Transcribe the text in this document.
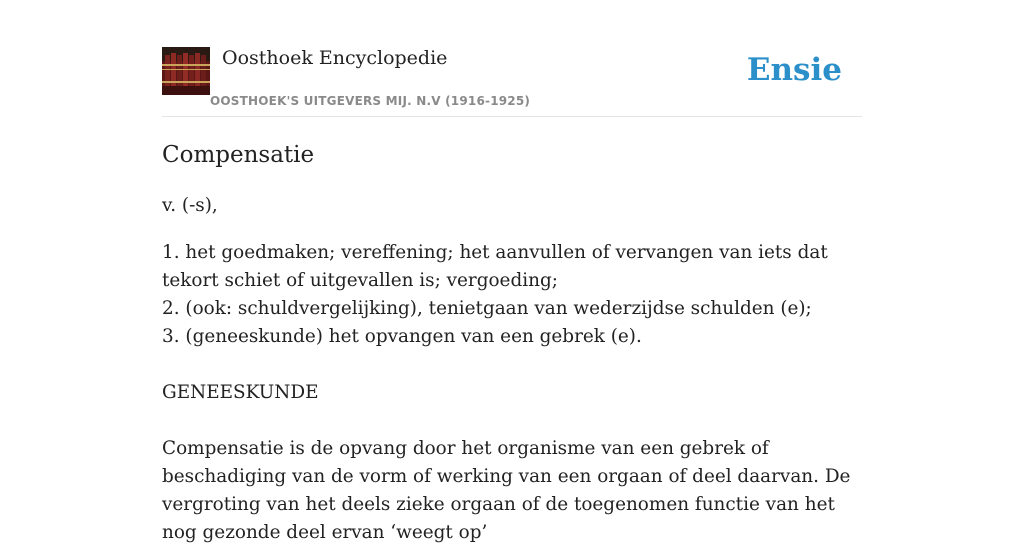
Oosthoek Encyclopedie
OOSTHOEK'S UITGEVERS MIJ. N.V (1916-1925)
Ensie
Compensatie

v. (-s),

1. het goedmaken; vereffening; het aanvullen of vervangen van iets dat tekort schiet of uitgevallen is; vergoeding;

2. (ook: schuldvergelijking), tenietgaan van wederzijdse schulden (e);

3. (geneeskunde) het opvangen van een gebrek (e).

GENEESKUNDE

Compensatie is de opvang door het organisme van een gebrek of beschadiging van de vorm of werking van een orgaan of deel daarvan. De vergroting van het deels zieke orgaan of de toegenomen functie van het nog gezonde deel ervan ‘weegt op’
